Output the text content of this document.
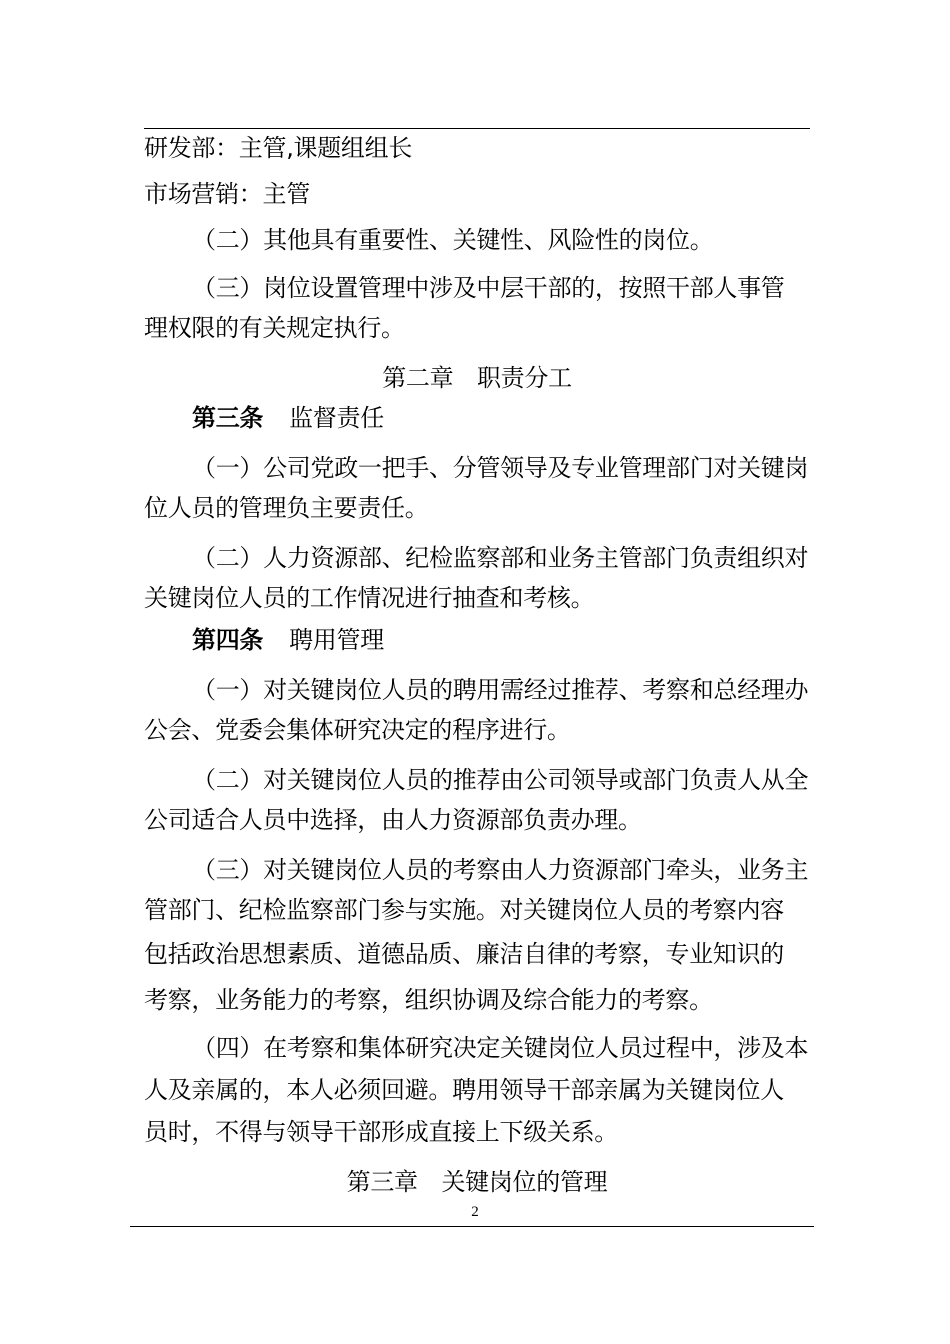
研发部：主管,课题组组长
市场营销：主管
（二）其他具有重要性、关键性、风险性的岗位。
（三）岗位设置管理中涉及中层干部的，按照干部人事管
理权限的有关规定执行。
第二章　职责分工
第三条 监督责任
（一）公司党政一把手、分管领导及专业管理部门对关键岗
位人员的管理负主要责任。
（二）人力资源部、纪检监察部和业务主管部门负责组织对
关键岗位人员的工作情况进行抽查和考核。
第四条 聘用管理
（一）对关键岗位人员的聘用需经过推荐、考察和总经理办
公会、党委会集体研究决定的程序进行。
（二）对关键岗位人员的推荐由公司领导或部门负责人从全
公司适合人员中选择，由人力资源部负责办理。
（三）对关键岗位人员的考察由人力资源部门牵头，业务主
管部门、纪检监察部门参与实施。对关键岗位人员的考察内容
包括政治思想素质、道德品质、廉洁自律的考察，专业知识的
考察，业务能力的考察，组织协调及综合能力的考察。
（四）在考察和集体研究决定关键岗位人员过程中，涉及本
人及亲属的，本人必须回避。聘用领导干部亲属为关键岗位人
员时，不得与领导干部形成直接上下级关系。
第三章　关键岗位的管理
2
